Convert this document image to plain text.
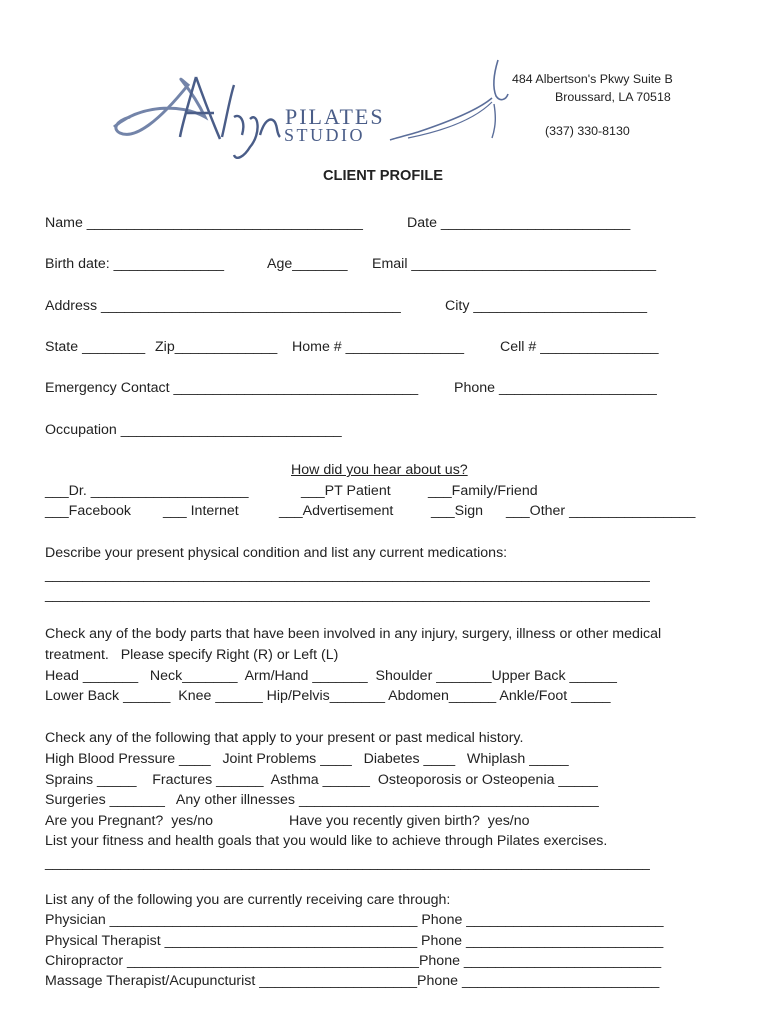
PILATES
STUDIO
484 Albertson's Pkwy Suite B
Broussard, LA 70518
(337) 330-8130
CLIENT PROFILE
Name ___________________________________	Date ________________________
Birth date: ______________	Age_______ Email _______________________________
Address ______________________________________	City ______________________
State ________ Zip_____________ Home # _______________	Cell # _______________
Emergency Contact _______________________________	Phone ____________________
Occupation ____________________________
How did you hear about us?
___Dr. ____________________	___PT Patient	___Family/Friend
___Facebook ___ Internet	___Advertisement	___Sign ___Other ________________
Describe your present physical condition and list any current medications:
________________________________________________________________________________
________________________________________________________________________________
Check any of the body parts that have been involved in any injury, surgery, illness or other medical
treatment.   Please specify Right (R) or Left (L)
Head _______   Neck_______  Arm/Hand _______  Shoulder _______Upper Back ______
Lower Back ______  Knee ______ Hip/Pelvis_______ Abdomen______ Ankle/Foot _____
Check any of the following that apply to your present or past medical history.
High Blood Pressure ____   Joint Problems ____   Diabetes ____   Whiplash _____
Sprains _____    Fractures ______  Asthma ______  Osteoporosis or Osteopenia _____
Surgeries _______   Any other illnesses ______________________________________
Are you Pregnant?  yes/no	Have you recently given birth?  yes/no
List your fitness and health goals that you would like to achieve through Pilates exercises.
________________________________________________________________________________
List any of the following you are currently receiving care through:
Physician _______________________________________ Phone _________________________
Physical Therapist ________________________________ Phone _________________________
Chiropractor _____________________________________Phone _________________________
Massage Therapist/Acupuncturist ____________________Phone _________________________
